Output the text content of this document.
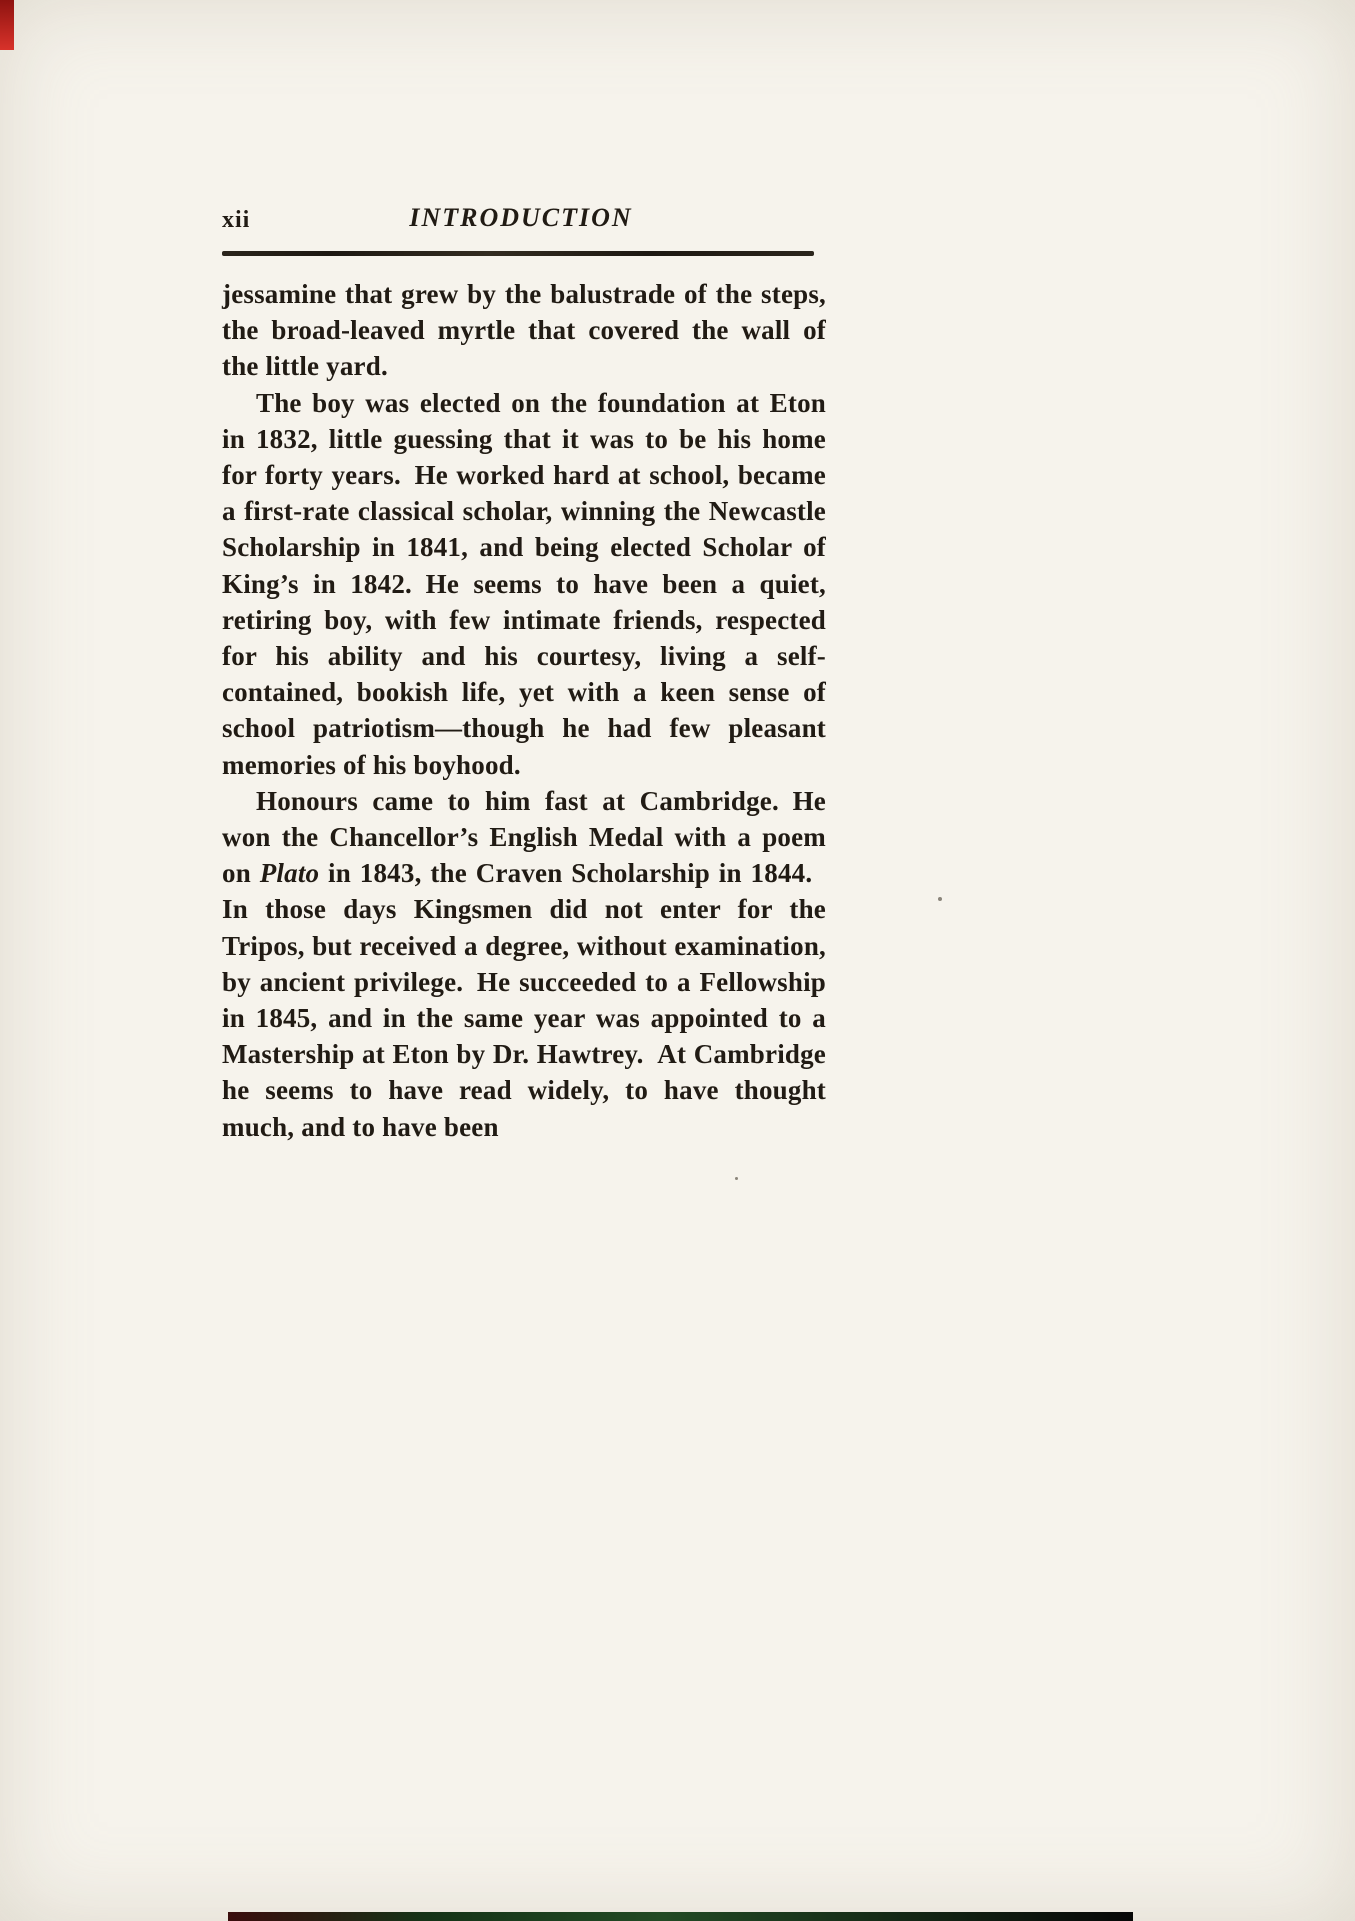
xii	INTRODUCTION

jessamine that grew by the balustrade of the steps, the broad-leaved myrtle that covered the wall of the little yard.

The boy was elected on the foundation at Eton in 1832, little guessing that it was to be his home for forty years. He worked hard at school, became a first-rate classical scholar, winning the Newcastle Scholarship in 1841, and being elected Scholar of King’s in 1842. He seems to have been a quiet, retiring boy, with few intimate friends, respected for his ability and his courtesy, living a self-contained, bookish life, yet with a keen sense of school patriotism—though he had few pleasant memories of his boyhood.

Honours came to him fast at Cambridge. He won the Chancellor’s English Medal with a poem on Plato in 1843, the Craven Scholarship in 1844. In those days Kingsmen did not enter for the Tripos, but received a degree, without examination, by ancient privilege. He succeeded to a Fellowship in 1845, and in the same year was appointed to a Mastership at Eton by Dr. Hawtrey. At Cambridge he seems to have read widely, to have thought much, and to have been
